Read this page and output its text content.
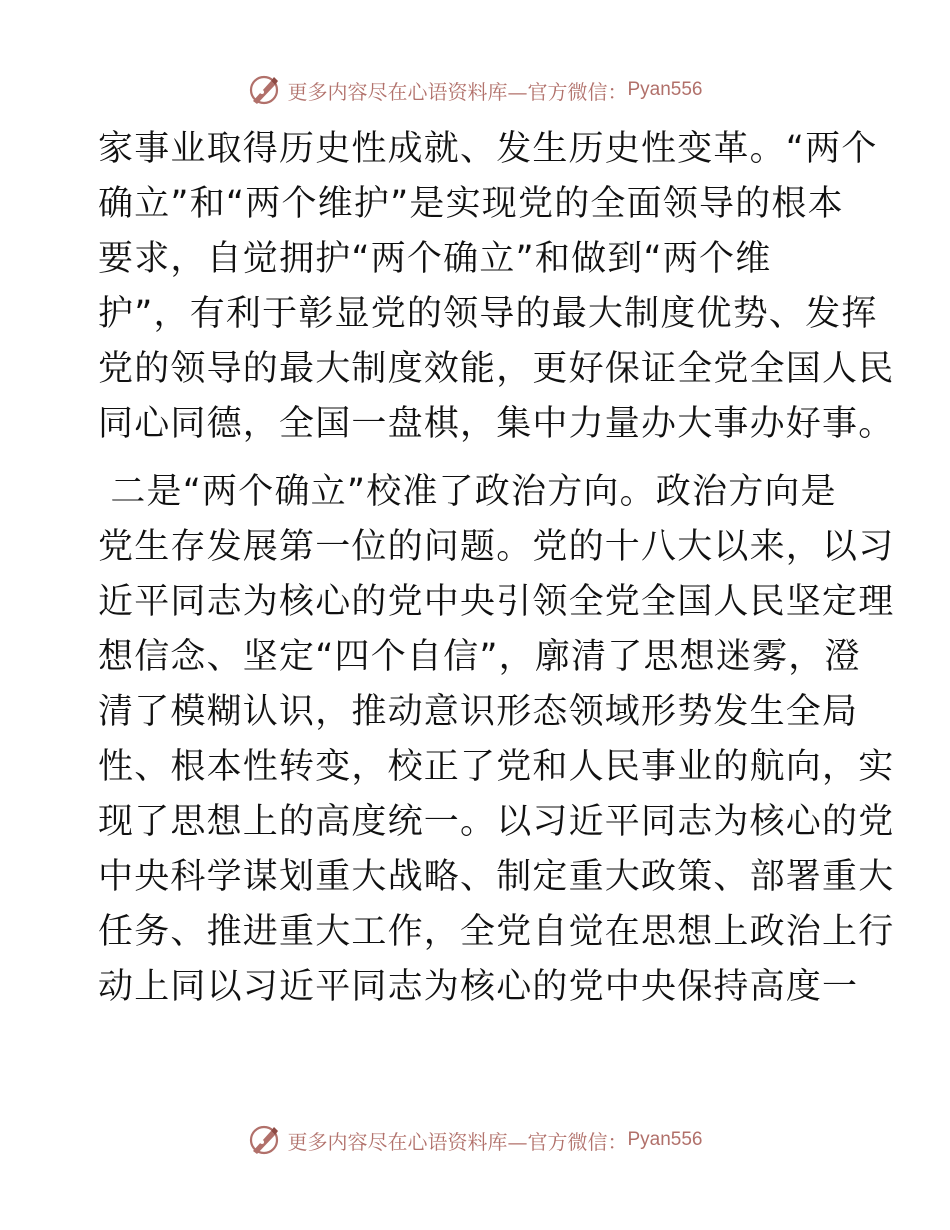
更多内容尽在心语资料库—官方微信： Pyan556
家事业取得历史性成就、发生历史性变革。“两个
确立”和“两个维护”是实现党的全面领导的根本
要求，自觉拥护“两个确立”和做到“两个维
护”，有利于彰显党的领导的最大制度优势、发挥
党的领导的最大制度效能，更好保证全党全国人民
同心同德，全国一盘棋，集中力量办大事办好事。
二是“两个确立”校准了政治方向。政治方向是
党生存发展第一位的问题。党的十八大以来，以习
近平同志为核心的党中央引领全党全国人民坚定理
想信念、坚定“四个自信”，廓清了思想迷雾，澄
清了模糊认识，推动意识形态领域形势发生全局
性、根本性转变，校正了党和人民事业的航向，实
现了思想上的高度统一。以习近平同志为核心的党
中央科学谋划重大战略、制定重大政策、部署重大
任务、推进重大工作，全党自觉在思想上政治上行
动上同以习近平同志为核心的党中央保持高度一
更多内容尽在心语资料库—官方微信： Pyan556
